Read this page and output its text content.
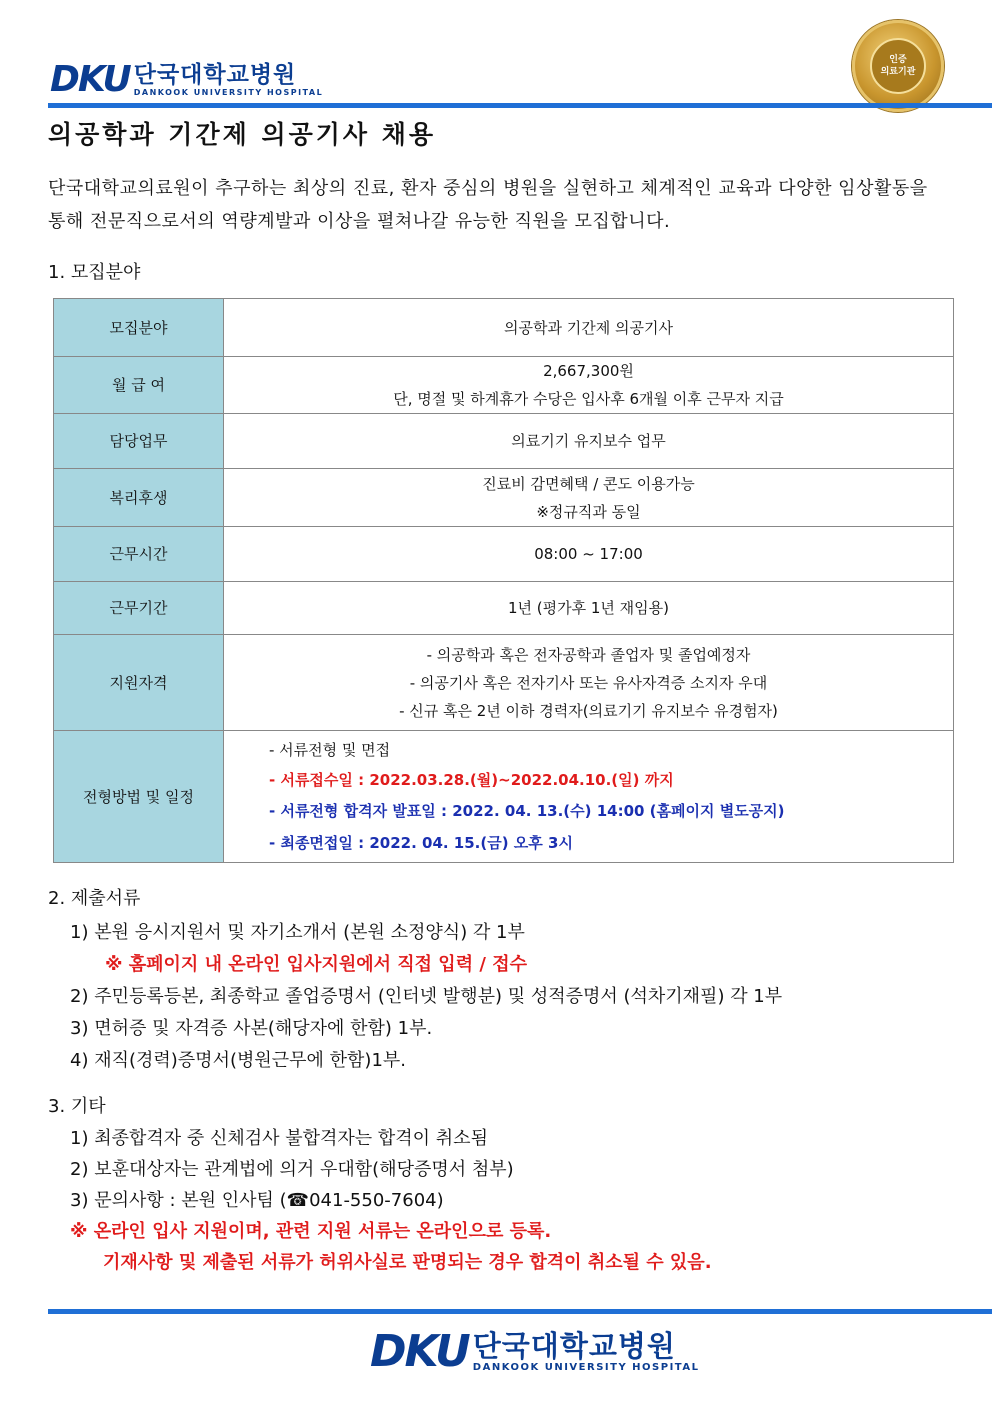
DKU 단국대학교병원
DANKOOK UNIVERSITY HOSPITAL
인증
의료기관
의공학과 기간제 의공기사 채용
단국대학교의료원이 추구하는 최상의 진료, 환자 중심의 병원을 실현하고 체계적인 교육과 다양한 임상활동을 통해 전문직으로서의 역량계발과 이상을 펼쳐나갈 유능한 직원을 모집합니다.
1. 모집분야
모집분야	의공학과 기간제 의공기사

월 급 여	2,667,300원
단, 명절 및 하계휴가 수당은 입사후 6개월 이후 근무자 지급

담당업무	의료기기 유지보수 업무

복리후생	진료비 감면혜택 / 콘도 이용가능
※정규직과 동일

근무시간	08:00 ~ 17:00

근무기간	1년 (평가후 1년 재임용)

지원자격	- 의공학과 혹은 전자공학과 졸업자 및 졸업예정자
- 의공기사 혹은 전자기사 또는 유사자격증 소지자 우대
- 신규 혹은 2년 이하 경력자(의료기기 유지보수 유경험자)

전형방법 및 일정	- 서류전형 및 면접
- 서류접수일 : 2022.03.28.(월)~2022.04.10.(일) 까지
- 서류전형 합격자 발표일 : 2022. 04. 13.(수) 14:00 (홈페이지 별도공지)
- 최종면접일 : 2022. 04. 15.(금) 오후 3시
2. 제출서류
1) 본원 응시지원서 및 자기소개서 (본원 소정양식) 각 1부
※ 홈페이지 내 온라인 입사지원에서 직접 입력 / 접수
2) 주민등록등본, 최종학교 졸업증명서 (인터넷 발행분) 및 성적증명서 (석차기재필) 각 1부
3) 면허증 및 자격증 사본(해당자에 한함) 1부.
4) 재직(경력)증명서(병원근무에 한함)1부.
3. 기타
1) 최종합격자 중 신체검사 불합격자는 합격이 취소됨
2) 보훈대상자는 관계법에 의거 우대함(해당증명서 첨부)
3) 문의사항 : 본원 인사팀 (☎041-550-7604)
※ 온라인 입사 지원이며, 관련 지원 서류는 온라인으로 등록.
기재사항 및 제출된 서류가 허위사실로 판명되는 경우 합격이 취소될 수 있음.
DKU 단국대학교병원
DANKOOK UNIVERSITY HOSPITAL
